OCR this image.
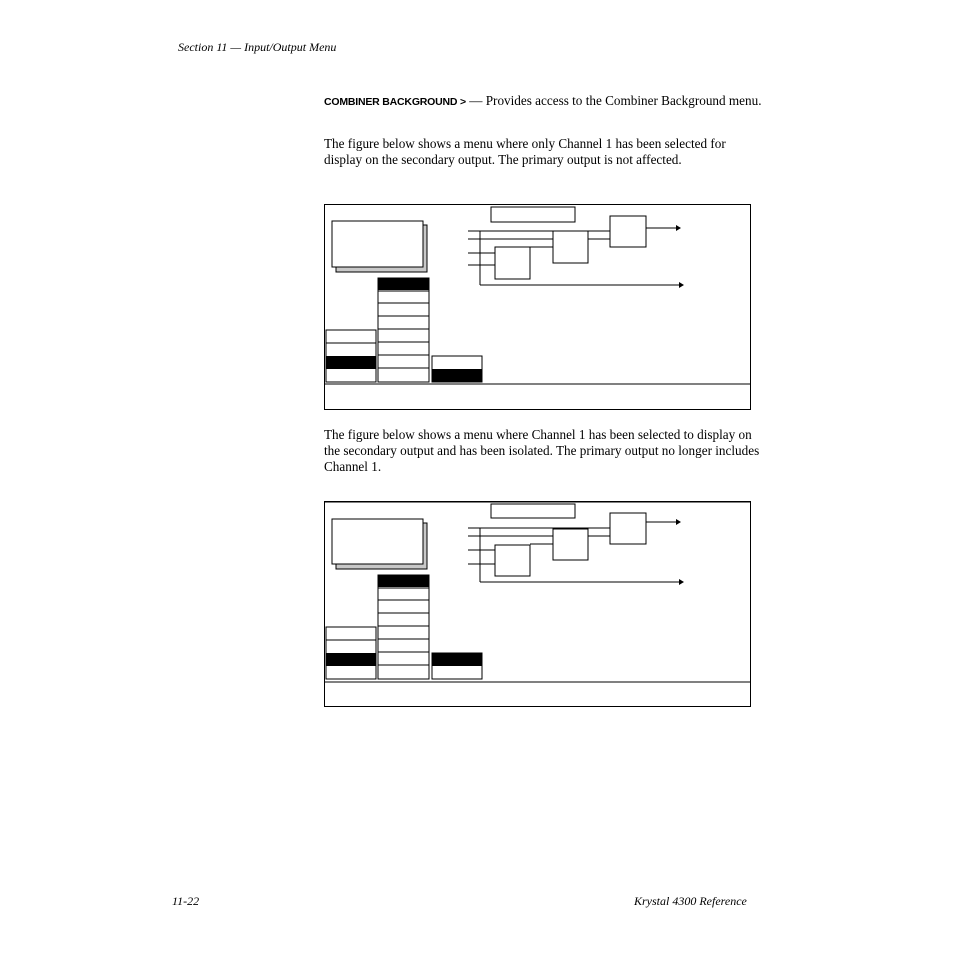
Section 11 — Input/Output Menu
COMBINER BACKGROUND > — Provides access to the Combiner Background menu.
The figure below shows a menu where only Channel 1 has been selected for display on the secondary output. The primary output is not affected.
The figure below shows a menu where Channel 1 has been selected to display on the secondary output and has been isolated. The primary output no longer includes Channel 1.
11-22	Krystal 4300 Reference
